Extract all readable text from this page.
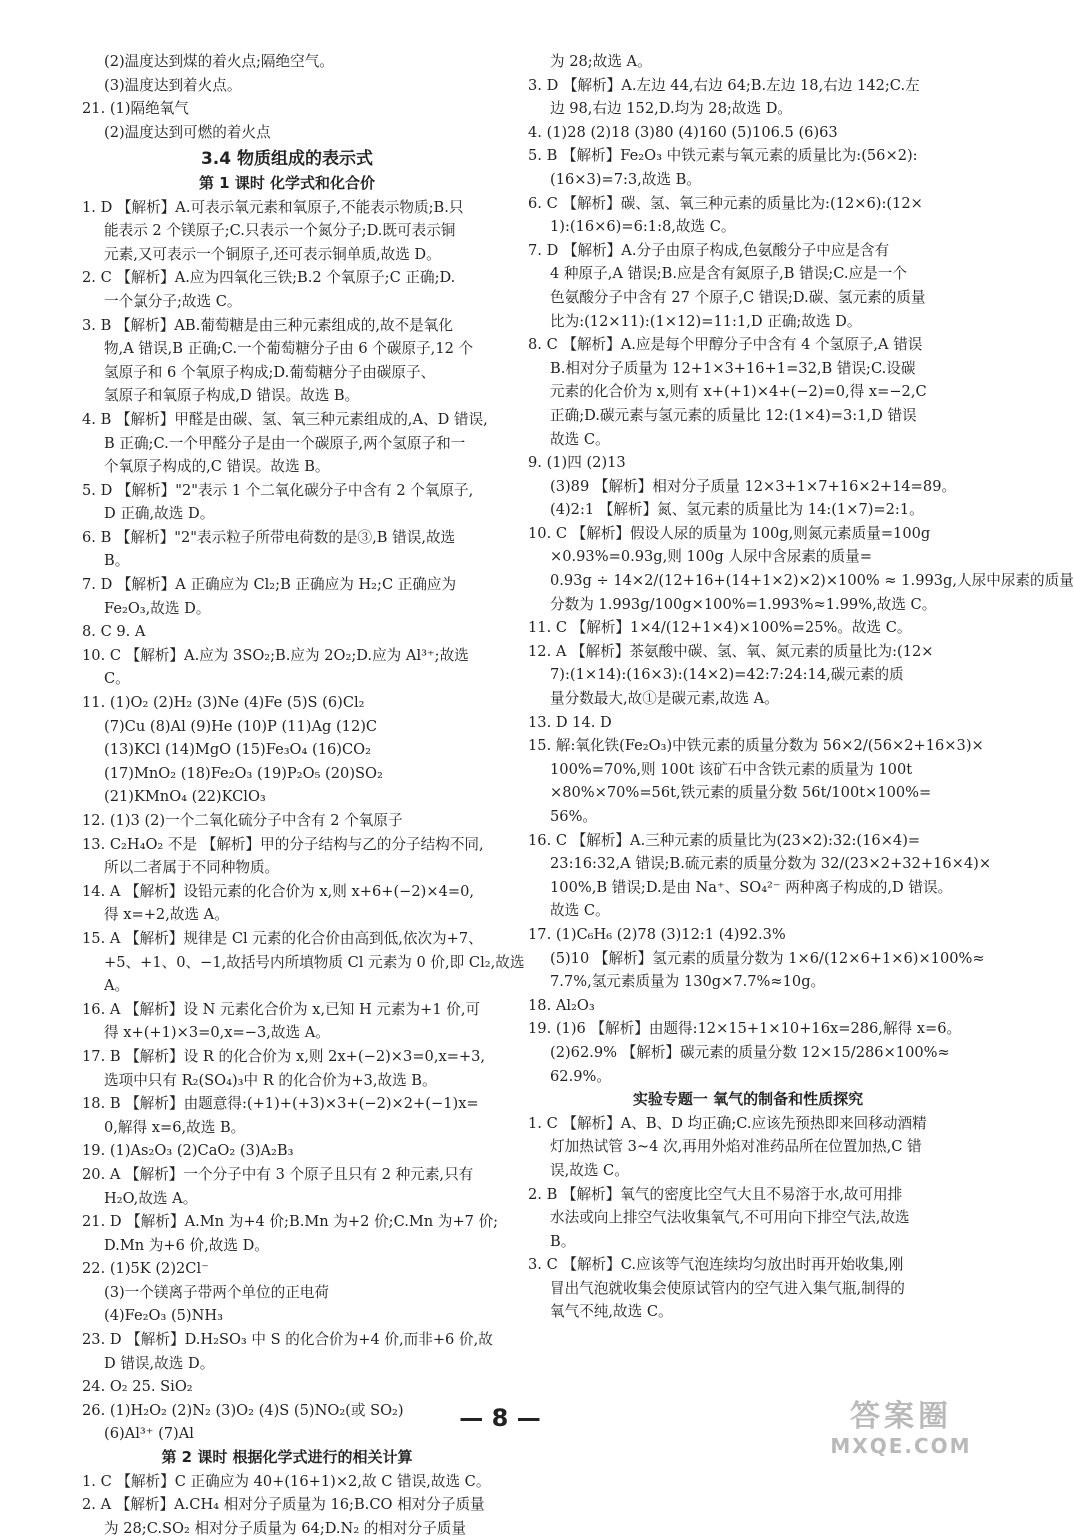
(2)温度达到煤的着火点;隔绝空气。
(3)温度达到着火点。
21. (1)隔绝氧气
(2)温度达到可燃的着火点
3.4 物质组成的表示式
第 1 课时 化学式和化合价
1. D 【解析】A.可表示氧元素和氧原子,不能表示物质;B.只
能表示 2 个镁原子;C.只表示一个氮分子;D.既可表示铜
元素,又可表示一个铜原子,还可表示铜单质,故选 D。
2. C 【解析】A.应为四氧化三铁;B.2 个氧原子;C 正确;D.
一个氯分子;故选 C。
3. B 【解析】AB.葡萄糖是由三种元素组成的,故不是氧化
物,A 错误,B 正确;C.一个葡萄糖分子由 6 个碳原子,12 个
氢原子和 6 个氧原子构成;D.葡萄糖分子由碳原子、
氢原子和氧原子构成,D 错误。故选 B。
4. B 【解析】甲醛是由碳、氢、氧三种元素组成的,A、D 错误,
B 正确;C.一个甲醛分子是由一个碳原子,两个氢原子和一
个氧原子构成的,C 错误。故选 B。
5. D 【解析】"2"表示 1 个二氧化碳分子中含有 2 个氧原子,
D 正确,故选 D。
6. B 【解析】"2"表示粒子所带电荷数的是③,B 错误,故选
B。
7. D 【解析】A 正确应为 Cl₂;B 正确应为 H₂;C 正确应为
Fe₂O₃,故选 D。
8. C 9. A
10. C 【解析】A.应为 3SO₂;B.应为 2O₂;D.应为 Al³⁺;故选
C。
11. (1)O₂ (2)H₂ (3)Ne (4)Fe (5)S (6)Cl₂
(7)Cu (8)Al (9)He (10)P (11)Ag (12)C
(13)KCl (14)MgO (15)Fe₃O₄ (16)CO₂
(17)MnO₂ (18)Fe₂O₃ (19)P₂O₅ (20)SO₂
(21)KMnO₄ (22)KClO₃
12. (1)3 (2)一个二氧化硫分子中含有 2 个氧原子
13. C₂H₄O₂ 不是 【解析】甲的分子结构与乙的分子结构不同,
所以二者属于不同种物质。
14. A 【解析】设铅元素的化合价为 x,则 x+6+(−2)×4=0,
得 x=+2,故选 A。
15. A 【解析】规律是 Cl 元素的化合价由高到低,依次为+7、
+5、+1、0、−1,故括号内所填物质 Cl 元素为 0 价,即 Cl₂,故选
A。
16. A 【解析】设 N 元素化合价为 x,已知 H 元素为+1 价,可
得 x+(+1)×3=0,x=−3,故选 A。
17. B 【解析】设 R 的化合价为 x,则 2x+(−2)×3=0,x=+3,
选项中只有 R₂(SO₄)₃中 R 的化合价为+3,故选 B。
18. B 【解析】由题意得:(+1)+(+3)×3+(−2)×2+(−1)x=
0,解得 x=6,故选 B。
19. (1)As₂O₃ (2)CaO₂ (3)A₂B₃
20. A 【解析】一个分子中有 3 个原子且只有 2 种元素,只有
H₂O,故选 A。
21. D 【解析】A.Mn 为+4 价;B.Mn 为+2 价;C.Mn 为+7 价;
D.Mn 为+6 价,故选 D。
22. (1)5K (2)2Cl⁻
(3)一个镁离子带两个单位的正电荷
(4)Fe₂O₃ (5)NH₃
23. D 【解析】D.H₂SO₃ 中 S 的化合价为+4 价,而非+6 价,故
D 错误,故选 D。
24. O₂ 25. SiO₂
26. (1)H₂O₂ (2)N₂ (3)O₂ (4)S (5)NO₂(或 SO₂)
(6)Al³⁺ (7)Al
第 2 课时 根据化学式进行的相关计算
1. C 【解析】C 正确应为 40+(16+1)×2,故 C 错误,故选 C。
2. A 【解析】A.CH₄ 相对分子质量为 16;B.CO 相对分子质量
为 28;C.SO₂ 相对分子质量为 64;D.N₂ 的相对分子质量
为 28;故选 A。
3. D 【解析】A.左边 44,右边 64;B.左边 18,右边 142;C.左
边 98,右边 152,D.均为 28;故选 D。
4. (1)28 (2)18 (3)80 (4)160 (5)106.5 (6)63
5. B 【解析】Fe₂O₃ 中铁元素与氧元素的质量比为:(56×2):
(16×3)=7:3,故选 B。
6. C 【解析】碳、氢、氧三种元素的质量比为:(12×6):(12×
1):(16×6)=6:1:8,故选 C。
7. D 【解析】A.分子由原子构成,色氨酸分子中应是含有
4 种原子,A 错误;B.应是含有氮原子,B 错误;C.应是一个
色氨酸分子中含有 27 个原子,C 错误;D.碳、氢元素的质量
比为:(12×11):(1×12)=11:1,D 正确;故选 D。
8. C 【解析】A.应是每个甲醇分子中含有 4 个氢原子,A 错误
B.相对分子质量为 12+1×3+16+1=32,B 错误;C.设碳
元素的化合价为 x,则有 x+(+1)×4+(−2)=0,得 x=−2,C
正确;D.碳元素与氢元素的质量比 12:(1×4)=3:1,D 错误
故选 C。
9. (1)四 (2)13
(3)89 【解析】相对分子质量 12×3+1×7+16×2+14=89。
(4)2:1 【解析】氮、氢元素的质量比为 14:(1×7)=2:1。
10. C 【解析】假设人尿的质量为 100g,则氮元素质量=100g
×0.93%=0.93g,则 100g 人尿中含尿素的质量=
0.93g ÷ 14×2/(12+16+(14+1×2)×2)×100% ≈ 1.993g,人尿中尿素的质量
分数为 1.993g/100g×100%=1.993%≈1.99%,故选 C。
11. C 【解析】1×4/(12+1×4)×100%=25%。故选 C。
12. A 【解析】茶氨酸中碳、氢、氧、氮元素的质量比为:(12×
7):(1×14):(16×3):(14×2)=42:7:24:14,碳元素的质
量分数最大,故①是碳元素,故选 A。
13. D 14. D
15. 解:氧化铁(Fe₂O₃)中铁元素的质量分数为 56×2/(56×2+16×3)×
100%=70%,则 100t 该矿石中含铁元素的质量为 100t
×80%×70%=56t,铁元素的质量分数 56t/100t×100%=
56%。
16. C 【解析】A.三种元素的质量比为(23×2):32:(16×4)=
23:16:32,A 错误;B.硫元素的质量分数为 32/(23×2+32+16×4)×
100%,B 错误;D.是由 Na⁺、SO₄²⁻ 两种离子构成的,D 错误。
故选 C。
17. (1)C₆H₆ (2)78 (3)12:1 (4)92.3%
(5)10 【解析】氢元素的质量分数为 1×6/(12×6+1×6)×100%≈
7.7%,氢元素质量为 130g×7.7%≈10g。
18. Al₂O₃
19. (1)6 【解析】由题得:12×15+1×10+16x=286,解得 x=6。
(2)62.9% 【解析】碳元素的质量分数 12×15/286×100%≈
62.9%。
实验专题一 氧气的制备和性质探究
1. C 【解析】A、B、D 均正确;C.应该先预热即来回移动酒精
灯加热试管 3~4 次,再用外焰对准药品所在位置加热,C 错
误,故选 C。
2. B 【解析】氧气的密度比空气大且不易溶于水,故可用排
水法或向上排空气法收集氧气,不可用向下排空气法,故选
B。
3. C 【解析】C.应该等气泡连续均匀放出时再开始收集,刚
冒出气泡就收集会使原试管内的空气进入集气瓶,制得的
氧气不纯,故选 C。
— 8 —	答案圈
MXQE.COM
